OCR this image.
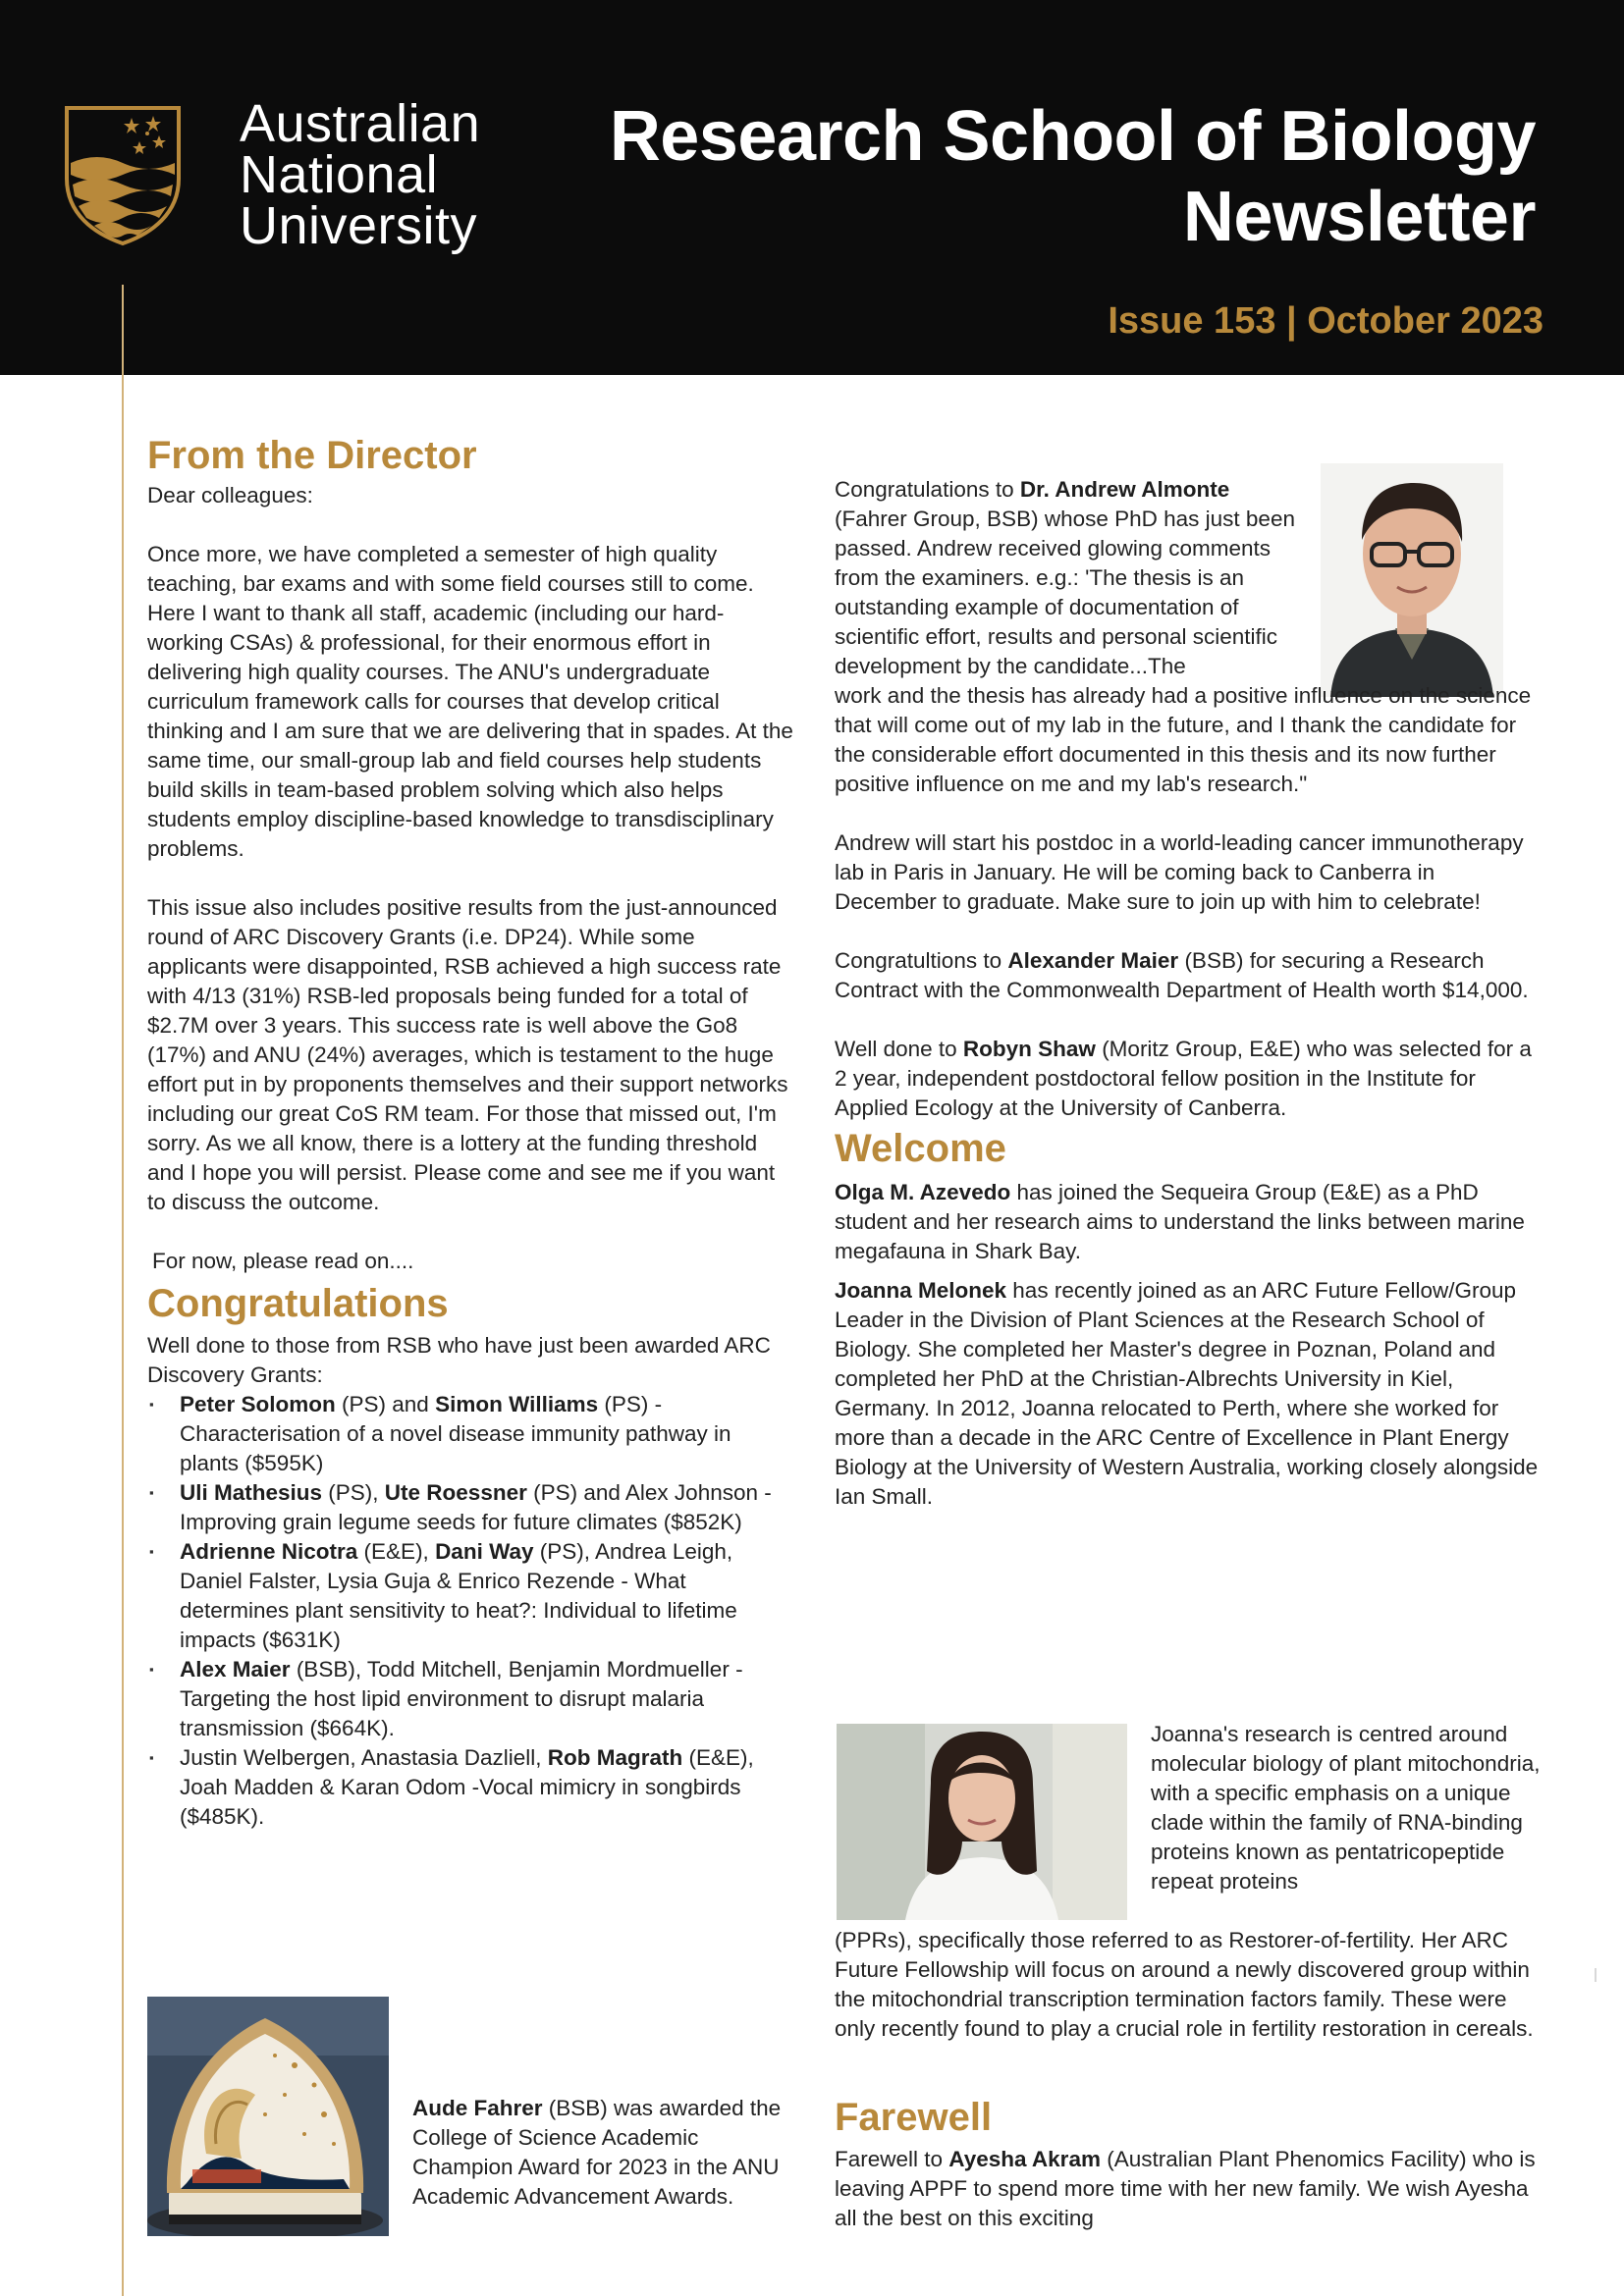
Australian
National
University
Research School of Biology
Newsletter
Issue 153 | October 2023
From the Director

Dear colleagues:

Once more, we have completed a semester of high quality teaching, bar exams and with some field courses still to come. Here I want to thank all staff, academic (including our hard-working CSAs) & professional, for their enormous effort in delivering high quality courses. The ANU's undergraduate curriculum framework calls for courses that develop critical thinking and I am sure that we are delivering that in spades. At the same time, our small-group lab and field courses help students build skills in team-based problem solving which also helps students employ discipline-based knowledge to transdisciplinary problems.

This issue also includes positive results from the just-announced round of ARC Discovery Grants (i.e. DP24). While some applicants were disappointed, RSB achieved a high success rate with 4/13 (31%) RSB-led proposals being funded for a total of $2.7M over 3 years. This success rate is well above the Go8 (17%) and ANU (24%) averages, which is testament to the huge effort put in by proponents themselves and their support networks including our great CoS RM team. For those that missed out, I'm sorry. As we all know, there is a lottery at the funding threshold and I hope you will persist. Please come and see me if you want to discuss the outcome.

For now, please read on....

Congratulations

Well done to those from RSB who have just been awarded ARC Discovery Grants:

▪ Peter Solomon (PS) and Simon Williams (PS) -Characterisation of a novel disease immunity pathway in plants ($595K)
▪ Uli Mathesius (PS), Ute Roessner (PS) and Alex Johnson - Improving grain legume seeds for future climates ($852K)
▪ Adrienne Nicotra (E&E), Dani Way (PS), Andrea Leigh, Daniel Falster, Lysia Guja & Enrico Rezende - What determines plant sensitivity to heat?: Individual to lifetime impacts ($631K)
▪ Alex Maier (BSB), Todd Mitchell, Benjamin Mordmueller - Targeting the host lipid environment to disrupt malaria transmission ($664K).
▪ Justin Welbergen, Anastasia Dazliell, Rob Magrath (E&E), Joah Madden & Karan Odom -Vocal mimicry in songbirds ($485K).
Aude Fahrer (BSB) was awarded the College of Science Academic Champion Award for 2023 in the ANU Academic Advancement Awards.

Congratulations to Dr. Andrew Almonte (Fahrer Group, BSB) whose PhD has just been passed. Andrew received glowing comments from the examiners. e.g.: 'The thesis is an outstanding example of documentation of scientific effort, results and personal scientific development by the candidate...The

work and the thesis has already had a positive influence on the science that will come out of my lab in the future, and I thank the candidate for the considerable effort documented in this thesis and its now further positive influence on me and my lab's research."

Andrew will start his postdoc in a world-leading cancer immunotherapy lab in Paris in January. He will be coming back to Canberra in December to graduate. Make sure to join up with him to celebrate!

Congratultions to Alexander Maier (BSB) for securing a Research Contract with the Commonwealth Department of Health worth $14,000.

Well done to Robyn Shaw (Moritz Group, E&E) who was selected for a 2 year, independent postdoctoral fellow position in the Institute for Applied Ecology at the University of Canberra.

Welcome

Olga M. Azevedo has joined the Sequeira Group (E&E) as a PhD student and her research aims to understand the links between marine megafauna in Shark Bay.

Joanna Melonek has recently joined as an ARC Future Fellow/Group Leader in the Division of Plant Sciences at the Research School of Biology. She completed her Master's degree in Poznan, Poland and completed her PhD at the Christian-Albrechts University in Kiel, Germany. In 2012, Joanna relocated to Perth, where she worked for more than a decade in the ARC Centre of Excellence in Plant Energy Biology at the University of Western Australia, working closely alongside Ian Small.

Joanna's research is centred around molecular biology of plant mitochondria, with a specific emphasis on a unique clade within the family of RNA-binding proteins known as pentatricopeptide repeat proteins
(PPRs), specifically those referred to as Restorer-of-fertility. Her ARC Future Fellowship will focus on around a newly discovered group within the mitochondrial transcription termination factors family. These were only recently found to play a crucial role in fertility restoration in cereals.
Farewell

Farewell to Ayesha Akram (Australian Plant Phenomics Facility) who is leaving APPF to spend more time with her new family. We wish Ayesha all the best on this exciting
